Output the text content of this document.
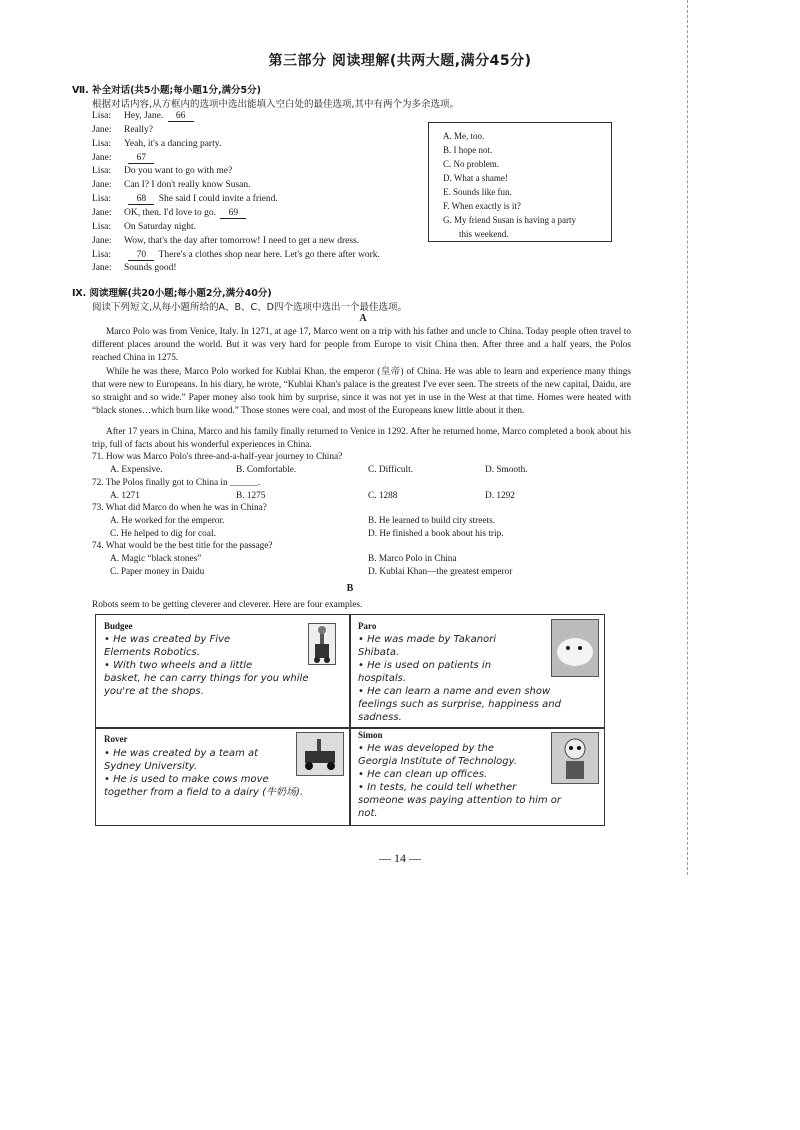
第三部分 阅读理解(共两大题,满分45分)
Ⅶ. 补全对话(共5小题;每小题1分,满分5分)
根据对话内容,从方框内的选项中选出能填入空白处的最佳选项,其中有两个为多余选项。
Lisa: Hey, Jane. 66
Jane: Really?
Lisa: Yeah, it's a dancing party.
Jane:	67
Lisa: Do you want to go with me?
Jane: Can I? I don't really know Susan.
Lisa:	68 She said I could invite a friend.
Jane: OK, then. I'd love to go. 69
Lisa: On Saturday night.
Jane: Wow, that's the day after tomorrow! I need to get a new dress.
Lisa:	70 There's a clothes shop near here. Let's go there after work.
Jane: Sounds good!
A. Me, too.
B. I hope not.
C. No problem.
D. What a shame!
E. Sounds like fun.
F. When exactly is it?
G. My friend Susan is having a party
this weekend.
Ⅸ. 阅读理解(共20小题;每小题2分,满分40分)
阅读下列短文,从每小题所给的A、B、C、D四个选项中选出一个最佳选项。
A
Marco Polo was from Venice, Italy. In 1271, at age 17, Marco went on a trip with his father and uncle to China. Today people often travel to different places around the world. But it was very hard for people from Europe to visit China then. After three and a half years, the Polos reached China in 1275.
While he was there, Marco Polo worked for Kublai Khan, the emperor (皇帝) of China. He was able to learn and experience many things that were new to Europeans. In his diary, he wrote, “Kublai Khan's palace is the greatest I've ever seen. The streets of the new capital, Daidu, are so straight and so wide.” Paper money also took him by surprise, since it was not yet in use in the West at that time. Homes were heated with “black stones…which burn like wood.” Those stones were coal, and most of the Europeans knew little about it then.
After 17 years in China, Marco and his family finally returned to Venice in 1292. After he returned home, Marco completed a book about his trip, full of facts about his wonderful experiences in China.
71. How was Marco Polo's three-and-a-half-year journey to China?
A. Expensive.	B. Comfortable.	C. Difficult.	D. Smooth.
72. The Polos finally got to China in ______.
A. 1271	B. 1275	C. 1288	D. 1292
73. What did Marco do when he was in China?
A. He worked for the emperor.	B. He learned to build city streets.
C. He helped to dig for coal.	D. He finished a book about his trip.
74. What would be the best title for the passage?
A. Magic “black stones”	B. Marco Polo in China
C. Paper money in Daidu	D. Kublai Khan—the greatest emperor
B
Robots seem to be getting cleverer and cleverer. Here are four examples.
Budgee
• He was created by Five
Elements Robotics.
• With two wheels and a little
basket, he can carry things for you while
you're at the shops.
Paro
• He was made by Takanori
Shibata.
• He is used on patients in
hospitals.
• He can learn a name and even show
feelings such as surprise, happiness and
sadness.
Rover
• He was created by a team at
Sydney University.
• He is used to make cows move
together from a field to a dairy (牛奶场).
Simon
• He was developed by the
Georgia Institute of Technology.
• He can clean up offices.
• In tests, he could tell whether
someone was paying attention to him or
not.
— 14 —
